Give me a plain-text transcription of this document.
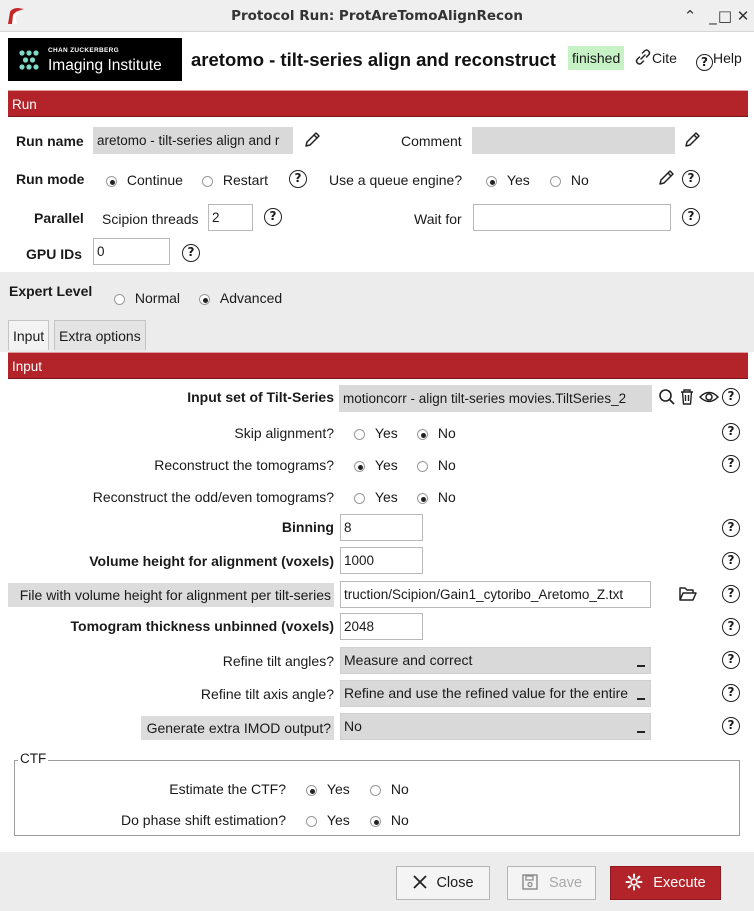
Protocol Run: ProtAreTomoAlignRecon	⌃ _ □ ✕
CHAN ZUCKERBERG
Imaging Institute aretomo - tilt-series align and reconstruct finished	Cite	? Help
Run
Run name aretomo - tilt-series align and r	Comment
Run mode	Continue	Restart	?	Use a queue engine?	Yes	No	?
Parallel Scipion threads 2	?	Wait for	?
GPU IDs 0	?
Expert Level	Normal	Advanced
Input	Extra options
Input
Input set of Tilt-Series motioncorr - align tilt-series movies.TiltSeries_2	?
Skip alignment?	Yes	No	?
Reconstruct the tomograms?	Yes	No	?
Reconstruct the odd/even tomograms?	Yes	No
Binning 8	?
Volume height for alignment (voxels) 1000	?
File with volume height for alignment per tilt-series truction/Scipion/Gain1_cytoribo_Aretomo_Z.txt	?
Tomogram thickness unbinned (voxels) 2048	?
Refine tilt angles? Measure and correct	?
Refine tilt axis angle? Refine and use the refined value for the entire	?
Generate extra IMOD output? No	?
CTF
Estimate the CTF?	Yes	No
Do phase shift estimation?	Yes	No
Close	Save	Execute
